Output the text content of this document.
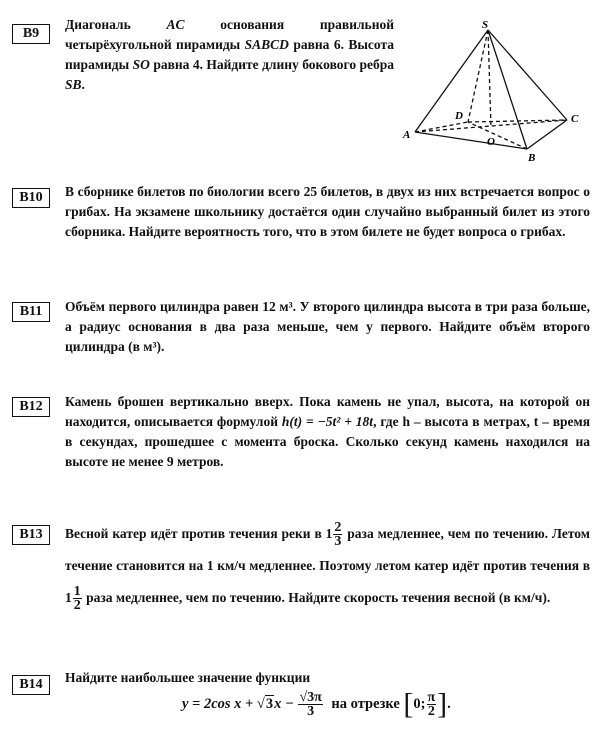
B9
Диагональ	AC	основания правильной четырёхугольной пирамиды SABCD равна 6. Высота пирамиды SO равна 4. Найдите длину бокового ребра SB.
S
A
B
C
D
O
B10	В сборнике билетов по биологии всего 25 билетов, в двух из них встречается вопрос о грибах. На экзамене школьнику достаётся один случайно выбранный билет из этого сборника. Найдите вероятность того, что в этом билете не будет вопроса о грибах.
B11	Объём первого цилиндра равен 12 м³. У второго цилиндра высота в три раза больше, а радиус основания в два раза меньше, чем у первого. Найдите объём второго цилиндра (в м³).
B12	Камень брошен вертикально вверх. Пока камень не упал, высота, на которой он находится, описывается формулой h(t) = −5t² + 18t, где h – высота в метрах, t – время в секундах, прошедшее с момента броска. Сколько секунд камень находился на высоте не менее 9 метров.
B13	Весной катер идёт против течения реки в $1 \frac{2}{3}$ раза медленнее, чем по течению. Летом течение становится на 1 км/ч медленнее. Поэтому летом катер идёт против течения в $1 \frac{1}{2}$ раза медленнее, чем по течению. Найдите скорость течения весной (в км/ч).
B14	Найдите наибольшее значение функции
y = 2cos $x + √3x - \frac{√3\pi}{3}$ на отрезке [0; $\frac{\pi}{2}$ ].
